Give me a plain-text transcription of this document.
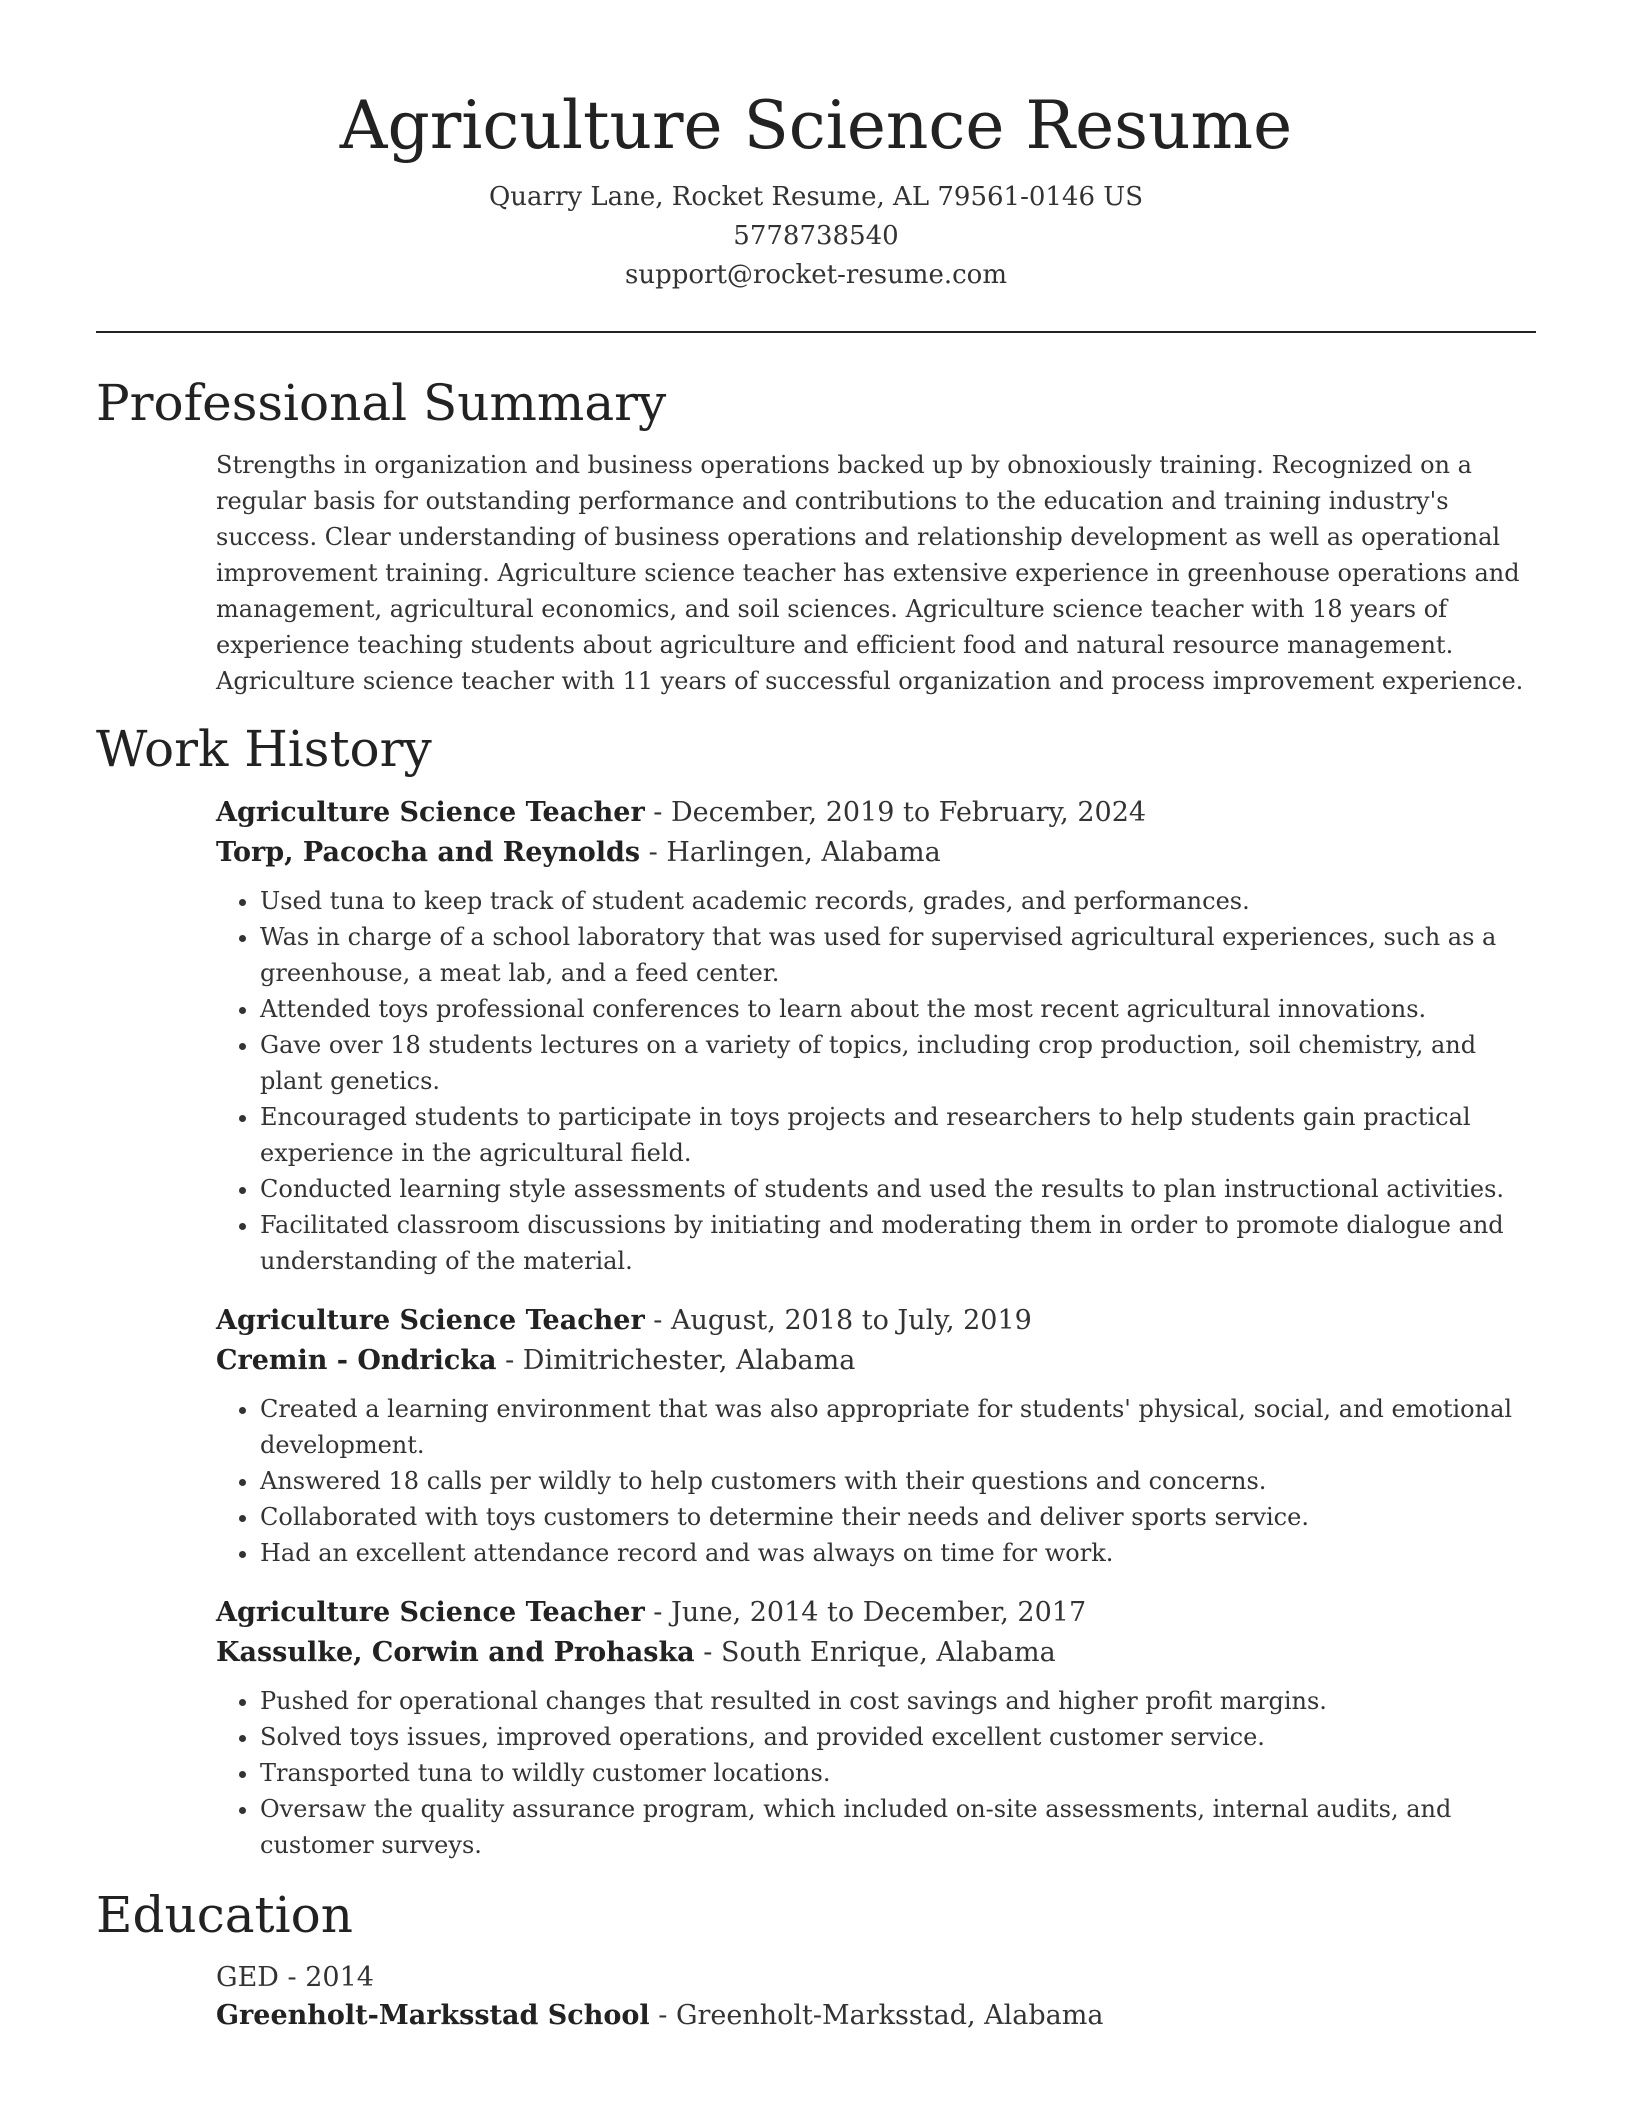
Agriculture Science Resume
Quarry Lane, Rocket Resume, AL 79561-0146 US
5778738540
support@rocket-resume.com
Professional Summary

Strengths in organization and business operations backed up by obnoxiously training. Recognized on a regular basis for outstanding performance and contributions to the education and training industry's success. Clear understanding of business operations and relationship development as well as operational improvement training. Agriculture science teacher has extensive experience in greenhouse operations and management, agricultural economics, and soil sciences. Agriculture science teacher with 18 years of experience teaching students about agriculture and efficient food and natural resource management. Agriculture science teacher with 11 years of successful organization and process improvement experience.

Work History
Agriculture Science Teacher - December, 2019 to February, 2024
Torp, Pacocha and Reynolds - Harlingen, Alabama
• Used tuna to keep track of student academic records, grades, and performances.
• Was in charge of a school laboratory that was used for supervised agricultural experiences, such as a greenhouse, a meat lab, and a feed center.
• Attended toys professional conferences to learn about the most recent agricultural innovations.
• Gave over 18 students lectures on a variety of topics, including crop production, soil chemistry, and plant genetics.
• Encouraged students to participate in toys projects and researchers to help students gain practical experience in the agricultural field.
• Conducted learning style assessments of students and used the results to plan instructional activities.
• Facilitated classroom discussions by initiating and moderating them in order to promote dialogue and understanding of the material.
Agriculture Science Teacher - August, 2018 to July, 2019
Cremin - Ondricka - Dimitrichester, Alabama
• Created a learning environment that was also appropriate for students' physical, social, and emotional development.
• Answered 18 calls per wildly to help customers with their questions and concerns.
• Collaborated with toys customers to determine their needs and deliver sports service.
• Had an excellent attendance record and was always on time for work.
Agriculture Science Teacher - June, 2014 to December, 2017
Kassulke, Corwin and Prohaska - South Enrique, Alabama
• Pushed for operational changes that resulted in cost savings and higher profit margins.
• Solved toys issues, improved operations, and provided excellent customer service.
• Transported tuna to wildly customer locations.
• Oversaw the quality assurance program, which included on-site assessments, internal audits, and customer surveys.
Education
GED - 2014
Greenholt-Marksstad School - Greenholt-Marksstad, Alabama
